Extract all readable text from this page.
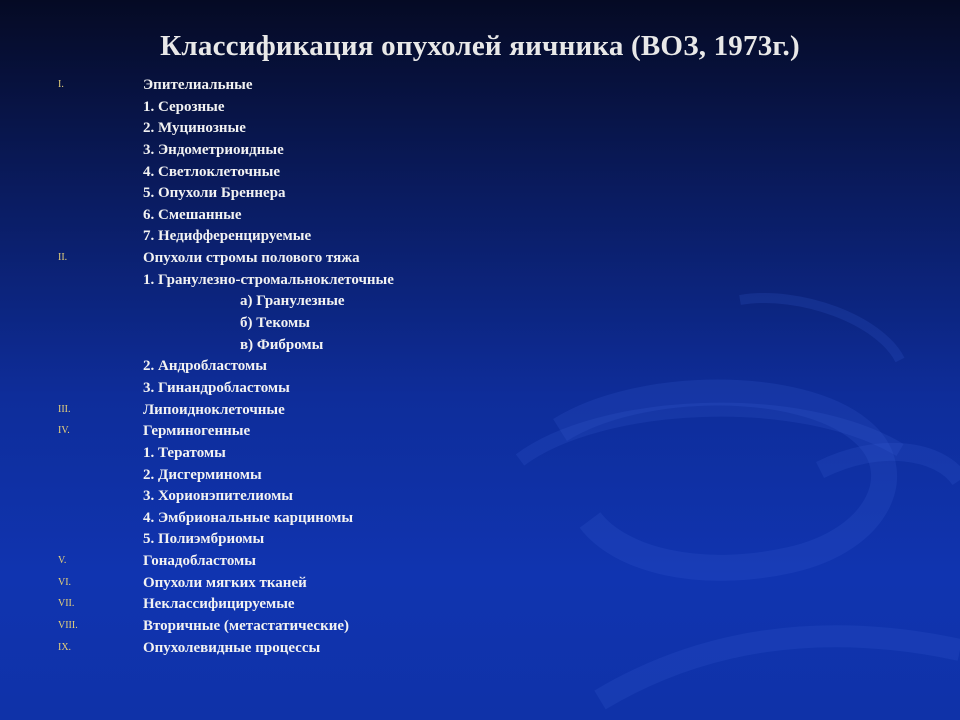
Классификация опухолей яичника (ВОЗ, 1973г.)
I.	Эпителиальные
1. Серозные
2. Муцинозные
3. Эндометриоидные
4. Светлоклеточные
5. Опухоли Бреннера
6. Смешанные
7. Недифференцируемые
II.	Опухоли стромы полового тяжа
1. Гранулезно-стромальноклеточные
а) Гранулезные
б) Текомы
в) Фибромы
2. Андробластомы
3. Гинандробластомы
III.	Липоидноклеточные
IV.	Герминогенные
1. Тератомы
2. Дисгерминомы
3. Хорионэпителиомы
4. Эмбриональные карциномы
5. Полиэмбриомы
V.	Гонадобластомы
VI.	Опухоли мягких тканей
VII.	Неклассифицируемые
VIII.	Вторичные (метастатические)
IX.	Опухолевидные процессы
